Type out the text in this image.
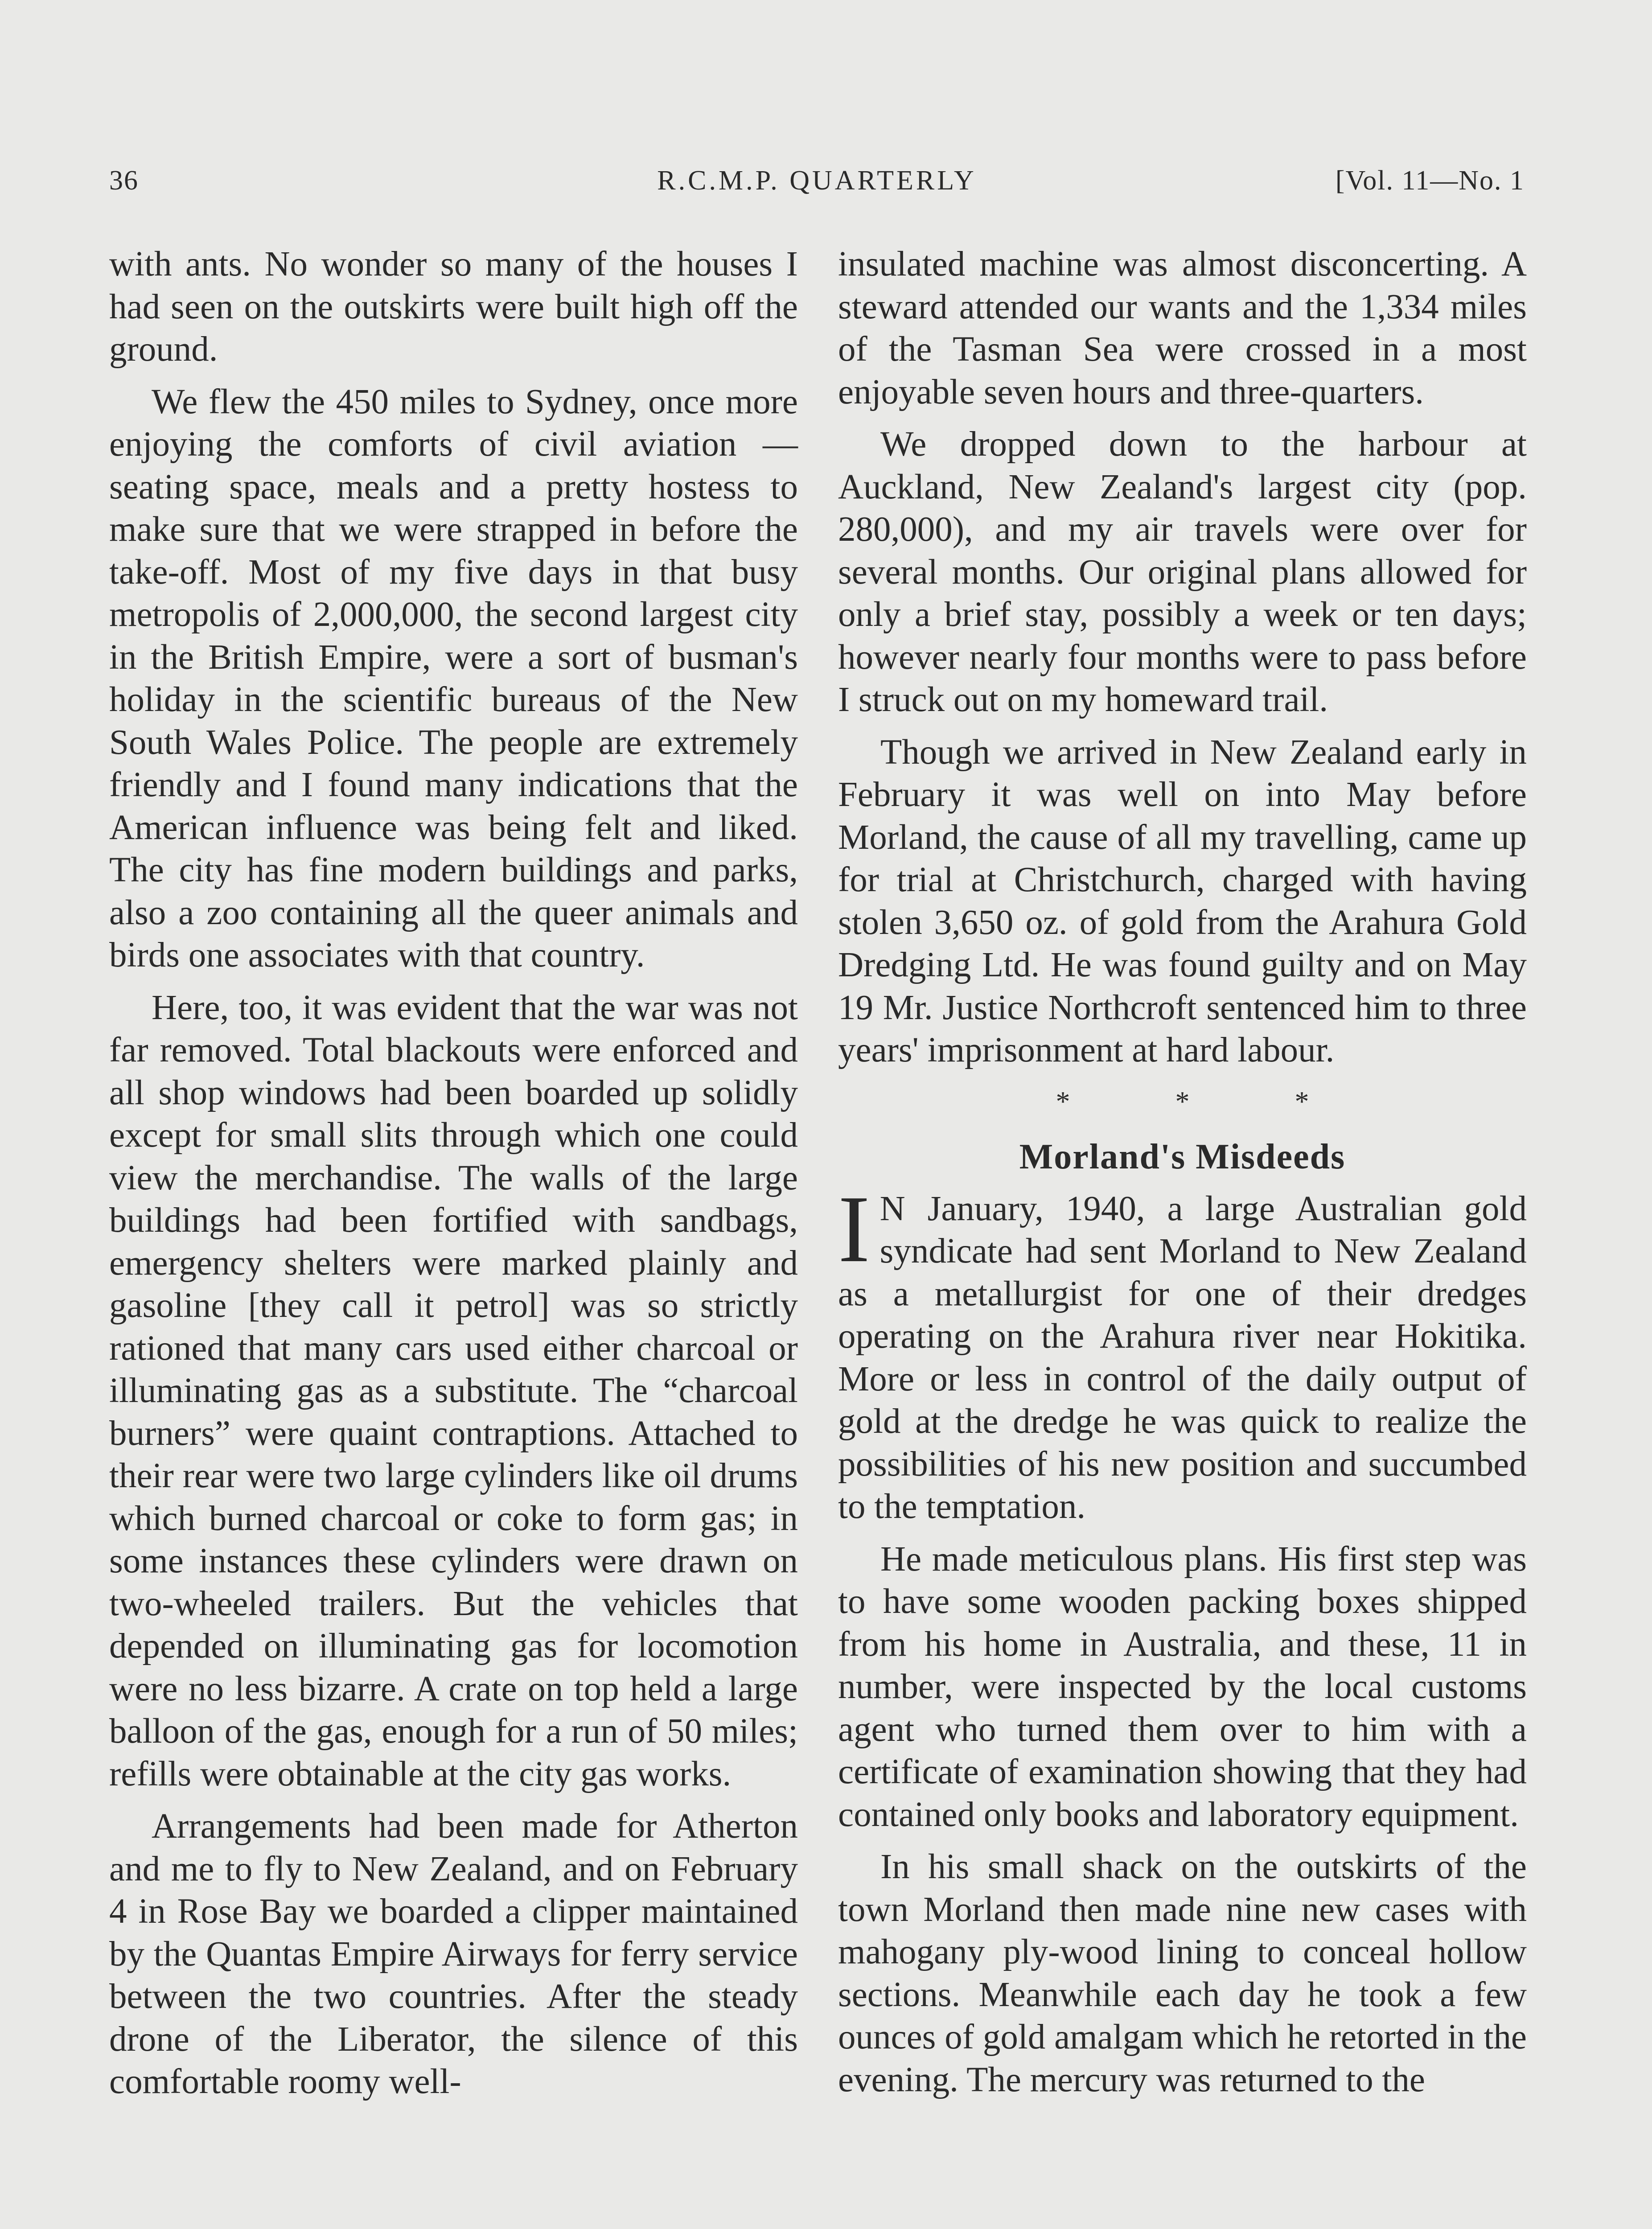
36	R.C.M.P. QUARTERLY	[Vol. 11—No. 1

with ants. No wonder so many of the houses I had seen on the outskirts were built high off the ground.

We flew the 450 miles to Sydney, once more enjoying the comforts of civil aviation — seating space, meals and a pretty hostess to make sure that we were strapped in before the take-off. Most of my five days in that busy metropolis of 2,000,000, the second largest city in the British Empire, were a sort of busman's holiday in the scientific bureaus of the New South Wales Police. The people are extremely friendly and I found many indications that the American influence was being felt and liked. The city has fine modern buildings and parks, also a zoo containing all the queer animals and birds one associates with that country.

Here, too, it was evident that the war was not far removed. Total blackouts were enforced and all shop windows had been boarded up solidly except for small slits through which one could view the merchandise. The walls of the large buildings had been fortified with sandbags, emergency shelters were marked plainly and gasoline [they call it petrol] was so strictly rationed that many cars used either charcoal or illuminating gas as a substitute. The “charcoal burners” were quaint contraptions. Attached to their rear were two large cylinders like oil drums which burned charcoal or coke to form gas; in some instances these cylinders were drawn on two-wheeled trailers. But the vehicles that depended on illuminating gas for locomotion were no less bizarre. A crate on top held a large balloon of the gas, enough for a run of 50 miles; refills were obtainable at the city gas works.

Arrangements had been made for Atherton and me to fly to New Zealand, and on February 4 in Rose Bay we boarded a clipper maintained by the Quantas Empire Airways for ferry service between the two countries. After the steady drone of the Liberator, the silence of this comfortable roomy well-

insulated machine was almost disconcerting. A steward attended our wants and the 1,334 miles of the Tasman Sea were crossed in a most enjoyable seven hours and three-quarters.

We dropped down to the harbour at Auckland, New Zealand's largest city (pop. 280,000), and my air travels were over for several months. Our original plans allowed for only a brief stay, possibly a week or ten days; however nearly four months were to pass before I struck out on my homeward trail.

Though we arrived in New Zealand early in February it was well on into May before Morland, the cause of all my travelling, came up for trial at Christchurch, charged with having stolen 3,650 oz. of gold from the Arahura Gold Dredging Ltd. He was found guilty and on May 19 Mr. Justice Northcroft sentenced him to three years' imprisonment at hard labour.

* * *
Morland's Misdeeds

I N January, 1940, a large Australian gold syndicate had sent Morland to New Zealand as a metallurgist for one of their dredges operating on the Arahura river near Hokitika. More or less in control of the daily output of gold at the dredge he was quick to realize the possibilities of his new position and succumbed to the temptation.

He made meticulous plans. His first step was to have some wooden packing boxes shipped from his home in Australia, and these, 11 in number, were inspected by the local customs agent who turned them over to him with a certificate of examination showing that they had contained only books and laboratory equipment.

In his small shack on the outskirts of the town Morland then made nine new cases with mahogany ply-wood lining to conceal hollow sections. Meanwhile each day he took a few ounces of gold amalgam which he retorted in the evening. The mercury was returned to the
